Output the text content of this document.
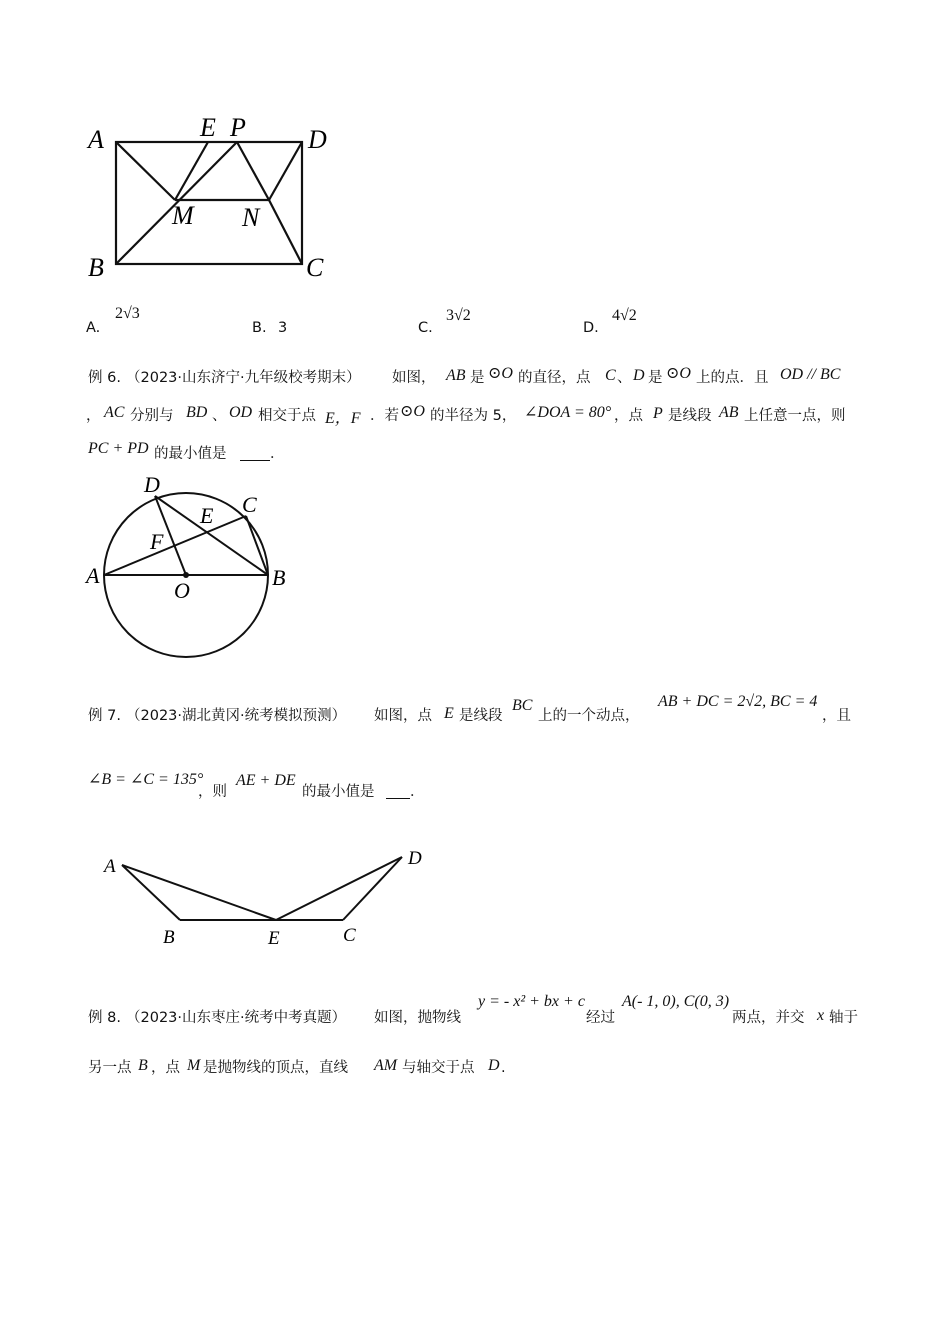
A	E P D
M N
B	C
A.
2√3
B. 3	C.
3√2
D.
4√2
例 6. （2023·山东济宁·九年级校考期末） 如图， AB 是 ⊙O 的直径，点 C 、 D 是 ⊙O 上的点．且 OD // BC
， AC 分别与 BD 、 OD 相交于点 E，F ．若 ⊙O 的半径为 5， ∠DOA = 80° ，点 P 是线段 AB 上任意一点，则
PC + PD 的最小值是	．
D
C
E
F
A
O
B
例 7. （2023·湖北黄冈·统考模拟预测） 如图，点 E 是线段
BC
上的一个动点，
AB + DC = 2√2, BC = 4
，且
∠B = ∠C = 135°
，则
AE + DE
的最小值是 ．
A	D
B	E	C
例 8. （2023·山东枣庄·统考中考真题） 如图，抛物线
y = - x² + bx + c
经过
A(- 1, 0), C(0, 3)
两点，并交 x 轴于
另一点 B ，点 M 是抛物线的顶点，直线 AM 与轴交于点 D .
